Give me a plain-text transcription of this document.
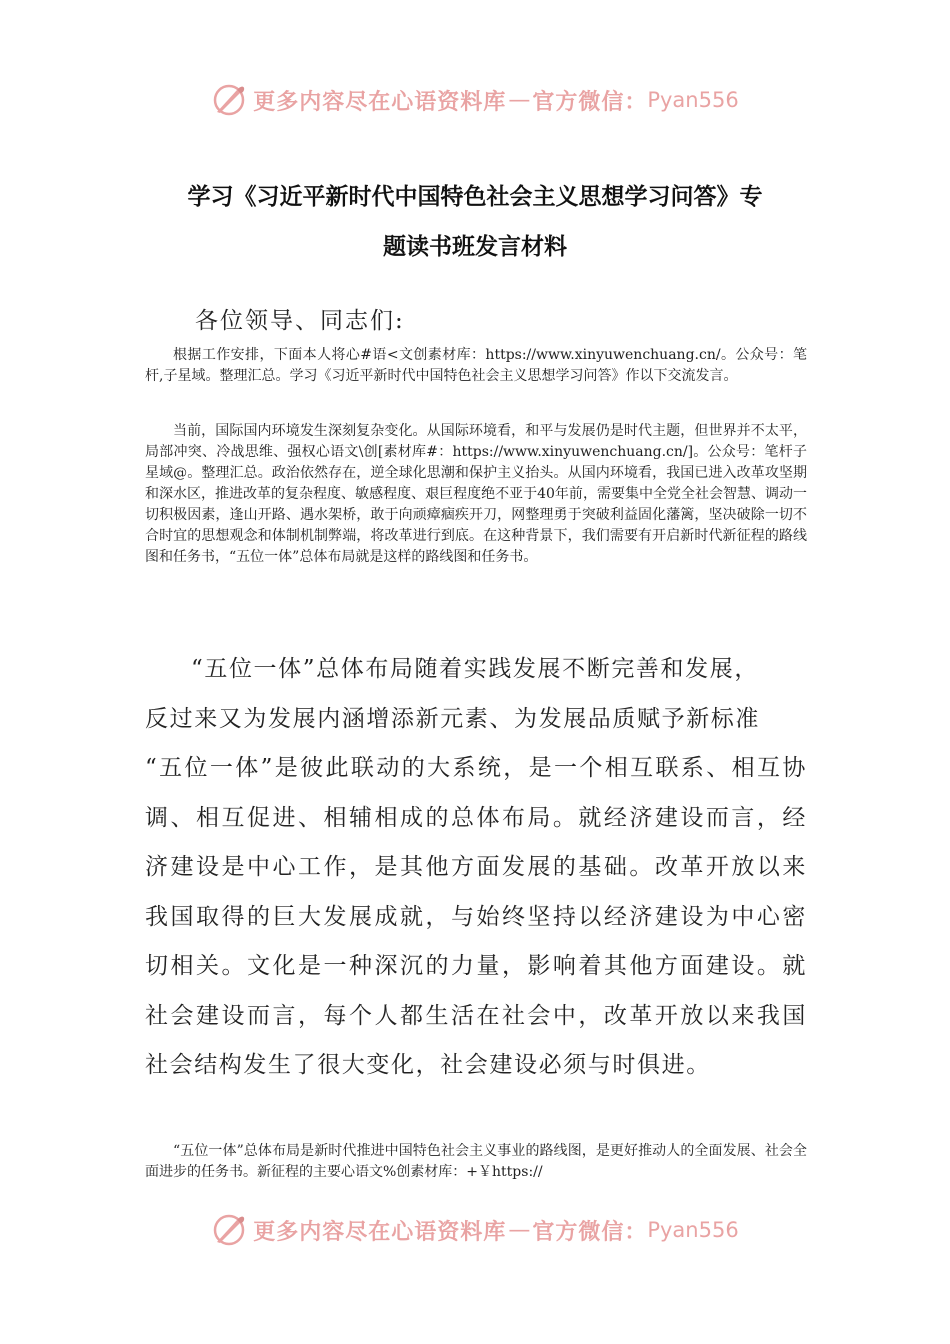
更多内容尽在心语资料库 — 官方微信： Pyan556
学习《习近平新时代中国特色社会主义思想学习问答》专
题读书班发言材料
各位领导、同志们:

根据工作安排，下面本人将心#语<文创素材库：https://www.xinyuwenchuang.cn/。公众号：笔杆,子星域。整理汇总。学习《习近平新时代中国特色社会主义思想学习问答》作以下交流发言。

当前，国际国内环境发生深刻复杂变化。从国际环境看，和平与发展仍是时代主题，但世界并不太平，局部冲突、冷战思维、强权心语文\创[素材库#：https://www.xinyuwenchuang.cn/]。公众号：笔杆子星域@。整理汇总。政治依然存在，逆全球化思潮和保护主义抬头。从国内环境看，我国已进入改革攻坚期和深水区，推进改革的复杂程度、敏感程度、艰巨程度绝不亚于40年前，需要集中全党全社会智慧、调动一切积极因素，逢山开路、遇水架桥，敢于向顽瘴痼疾开刀，网整理勇于突破利益固化藩篱，坚决破除一切不合时宜的思想观念和体制机制弊端，将改革进行到底。在这种背景下，我们需要有开启新时代新征程的路线图和任务书，“五位一体”总体布局就是这样的路线图和任务书。

“五位一体”总体布局随着实践发展不断完善和发展，
反过来又为发展内涵增添新元素、为发展品质赋予新标准
“五位一体”是彼此联动的大系统，是一个相互联系、相互协调、相互促进、相辅相成的总体布局。就经济建设而言，经济建设是中心工作，是其他方面发展的基础。改革开放以来我国取得的巨大发展成就，与始终坚持以经济建设为中心密切相关。文化是一种深沉的力量，影响着其他方面建设。就社会建设而言，每个人都生活在社会中，改革开放以来我国社会结构发生了很大变化，社会建设必须与时俱进。

“五位一体”总体布局是新时代推进中国特色社会主义事业的路线图，是更好推动人的全面发展、社会全面进步的任务书。新征程的主要心语文%创素材库：+￥https://

更多内容尽在心语资料库 — 官方微信： Pyan556
